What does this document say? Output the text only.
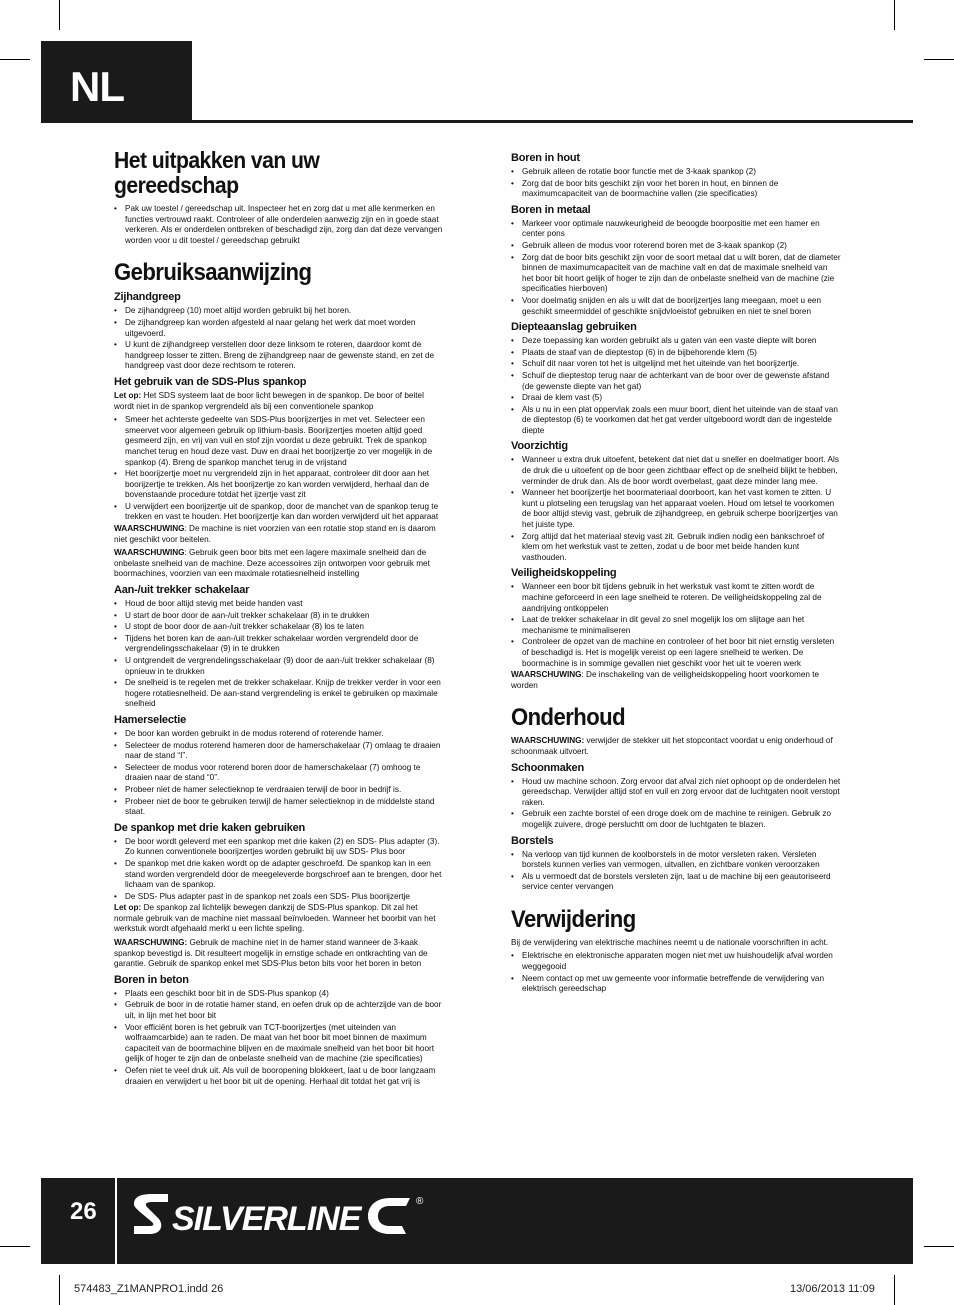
NL
Het uitpakken van uw gereedschap
• Pak uw toestel / gereedschap uit. Inspecteer het en zorg dat u met alle kenmerken en functies vertrouwd raakt. Controleer of alle onderdelen aanwezig zijn en in goede staat verkeren. Als er onderdelen ontbreken of beschadigd zijn, zorg dan dat deze vervangen worden voor u dit toestel / gereedschap gebruikt
Gebruiksaanwijzing
Zijhandgreep
• De zijhandgreep (10) moet altijd worden gebruikt bij het boren.
• De zijhandgreep kan worden afgesteld al naar gelang het werk dat moet worden uitgevoerd.
• U kunt de zijhandgreep verstellen door deze linksom te roteren, daardoor komt de handgreep losser te zitten. Breng de zijhandgreep naar de gewenste stand, en zet de handgreep vast door deze rechtsom te roteren.
Het gebruik van de SDS-Plus spankop

Let op: Het SDS systeem laat de boor licht bewegen in de spankop. De boor of beitel wordt niet in de spankop vergrendeld als bij een conventionele spankop

• Smeer het achterste gedeelte van SDS-Plus boorijzertjes in met vet. Selecteer een smeervet voor algemeen gebruik op lithium-basis. Boorijzertjes moeten altijd goed gesmeerd zijn, en vrij van vuil en stof zijn voordat u deze gebruikt. Trek de spankop manchet terug en houd deze vast. Duw en draai het boorijzertje zo ver mogelijk in de spankop (4). Breng de spankop manchet terug in de vrijstand
• Het boorijzertje moet nu vergrendeld zijn in het apparaat, controleer dit door aan het boorijzertje te trekken. Als het boorijzertje zo kan worden verwijderd, herhaal dan de bovenstaande procedure totdat het ijzertje vast zit
• U verwijdert een boorijzertje uit de spankop, door de manchet van de spankop terug te trekken en vast te houden. Het boorijzertje kan dan worden verwijderd uit het apparaat

WAARSCHUWING: De machine is niet voorzien van een rotatie stop stand en is daarom niet geschikt voor beitelen.

WAARSCHUWING: Gebruik geen boor bits met een lagere maximale snelheid dan de onbelaste snelheid van de machine. Deze accessoires zijn ontworpen voor gebruik met boormachines, voorzien van een maximale rotatiesnelheid instelling

Aan-/uit trekker schakelaar
• Houd de boor altijd stevig met beide handen vast
• U start de boor door de aan-/uit trekker schakelaar (8) in te drukken
• U stopt de boor door de aan-/uit trekker schakelaar (8) los te laten
• Tijdens het boren kan de aan-/uit trekker schakelaar worden vergrendeld door de vergrendelingsschakelaar (9) in te drukken
• U ontgrendelt de vergrendelingsschakelaar (9) door de aan-/uit trekker schakelaar (8) opnieuw in te drukken
• De snelheid is te regelen met de trekker schakelaar. Knijp de trekker verder in voor een hogere rotatiesnelheid. De aan-stand vergrendeling is enkel te gebruiken op maximale snelheid
Hamerselectie
• De boor kan worden gebruikt in de modus roterend of roterende hamer.
• Selecteer de modus roterend hameren door de hamerschakelaar (7) omlaag te draaien naar de stand “I”.
• Selecteer de modus voor roterend boren door de hamerschakelaar (7) omhoog te draaien naar de stand “0”.
• Probeer niet de hamer selectieknop te verdraaien terwijl de boor in bedrijf is.
• Probeer niet de boor te gebruiken terwijl de hamer selectieknop in de middelste stand staat.
De spankop met drie kaken gebruiken
• De boor wordt geleverd met een spankop met drie kaken (2) en SDS- Plus adapter (3). Zo kunnen conventionele boorijzertjes worden gebruikt bij uw SDS- Plus boor
• De spankop met drie kaken wordt op de adapter geschroefd. De spankop kan in een stand worden vergrendeld door de meegeleverde borgschroef aan te brengen, door het lichaam van de spankop.
• De SDS- Plus adapter past in de spankop net zoals een SDS- Plus boorijzertje

Let op: De spankop zal lichtelijk bewegen dankzij de SDS-Plus spankop. Dit zal het normale gebruik van de machine niet massaal beïnvloeden. Wanneer het boorbit van het werkstuk wordt afgehaald merkt u een lichte speling.

WAARSCHUWING: Gebruik de machine niet in de hamer stand wanneer de 3-kaak spankop bevestigd is. Dit resulteert mogelijk in ernstige schade en ontkrachting van de garantie. Gebruik de spankop enkel met SDS-Plus beton bits voor het boren in beton

Boren in beton
• Plaats een geschikt boor bit in de SDS-Plus spankop (4)
• Gebruik de boor in de rotatie hamer stand, en oefen druk op de achterzijde van de boor uit, in lijn met het boor bit
• Voor efficiënt boren is het gebruik van TCT-boorijzertjes (met uiteinden van wolfraamcarbide) aan te raden. De maat van het boor bit moet binnen de maximum capaciteit van de boormachine blijven en de maximale snelheid van het boor bit hoort gelijk of hoger te zijn dan de onbelaste snelheid van de machine (zie specificaties)
• Oefen niet te veel druk uit. Als vuil de booropening blokkeert, laat u de boor langzaam draaien en verwijdert u het boor bit uit de opening. Herhaal dit totdat het gat vrij is
Boren in hout
• Gebruik alleen de rotatie boor functie met de 3-kaak spankop (2)
• Zorg dat de boor bits geschikt zijn voor het boren in hout, en binnen de maximumcapaciteit van de boormachine vallen (zie specificaties)
Boren in metaal
• Markeer voor optimale nauwkeurigheid de beoogde boorpositie met een hamer en center pons
• Gebruik alleen de modus voor roterend boren met de 3-kaak spankop (2)
• Zorg dat de boor bits geschikt zijn voor de soort metaal dat u wilt boren, dat de diameter binnen de maximumcapaciteit van de machine valt en dat de maximale snelheid van het boor bit hoort gelijk of hoger te zijn dan de onbelaste snelheid van de machine (zie specificaties hierboven)
• Voor doelmatig snijden en als u wilt dat de boorijzertjes lang meegaan, moet u een geschikt smeermiddel of geschikte snijdvloeistof gebruiken en niet te snel boren
Diepteaanslag gebruiken
• Deze toepassing kan worden gebruikt als u gaten van een vaste diepte wilt boren
• Plaats de staaf van de dieptestop (6) in de bijbehorende klem (5)
• Schuif dit naar voren tot het is uitgelijnd met het uiteinde van het boorijzertje.
• Schuif de dieptestop terug naar de achterkant van de boor over de gewenste afstand (de gewenste diepte van het gat)
• Draai de klem vast (5)
• Als u nu in een plat oppervlak zoals een muur boort, dient het uiteinde van de staaf van de dieptestop (6) te voorkomen dat het gat verder uitgeboord wordt dan de ingestelde diepte
Voorzichtig
• Wanneer u extra druk uitoefent, betekent dat niet dat u sneller en doelmatiger boort. Als de druk die u uitoefent op de boor geen zichtbaar effect op de snelheid blijkt te hebben, verminder de druk dan. Als de boor wordt overbelast, gaat deze minder lang mee.
• Wanneer het boorijzertje het boormateriaal doorboort, kan het vast komen te zitten. U kunt u plotseling een terugslag van het apparaat voelen. Houd om letsel te voorkomen de boor altijd stevig vast, gebruik de zijhandgreep, en gebruik scherpe boorijzertjes van het juiste type.
• Zorg altijd dat het materiaal stevig vast zit. Gebruik indien nodig een bankschroef of klem om het werkstuk vast te zetten, zodat u de boor met beide handen kunt vasthouden.
Veiligheidskoppeling
• Wanneer een boor bit tijdens gebruik in het werkstuk vast komt te zitten wordt de machine geforceerd in een lage snelheid te roteren. De veiligheidskoppeling zal de aandrijving ontkoppelen
• Laat de trekker schakelaar in dit geval zo snel mogelijk los om slijtage aan het mechanisme te minimaliseren
• Controleer de opzet van de machine en controleer of het boor bit niet ernstig versleten of beschadigd is. Het is mogelijk vereist op een lagere snelheid te werken. De boormachine is in sommige gevallen niet geschikt voor het uit te voeren werk

WAARSCHUWING: De inschakeling van de veiligheidskoppeling hoort voorkomen te worden

Onderhoud

WAARSCHUWING: verwijder de stekker uit het stopcontact voordat u enig onderhoud of schoonmaak uitvoert.

Schoonmaken
• Houd uw machine schoon. Zorg ervoor dat afval zich niet ophoopt op de onderdelen het gereedschap. Verwijder altijd stof en vuil en zorg ervoor dat de luchtgaten nooit verstopt raken.
• Gebruik een zachte borstel of een droge doek om de machine te reinigen. Gebruik zo mogelijk zuivere, droge persluchtt om door de luchtgaten te blazen.
Borstels
• Na verloop van tijd kunnen de koolborstels in de motor versleten raken. Versleten borstels kunnen verlies van vermogen, uitvallen, en zichtbare vonken veroorzaken
• Als u vermoedt dat de borstels versleten zijn, laat u de machine bij een geautoriseerd service center vervangen
Verwijdering

Bij de verwijdering van elektrische machines neemt u de nationale voorschriften in acht.

• Elektrische en elektronische apparaten mogen niet met uw huishoudelijk afval worden weggegooid
• Neem contact op met uw gemeente voor informatie betreffende de verwijdering van elektrisch gereedschap
26 SILVERLINE	®
574483_Z1MANPRO1.indd 26	13/06/2013 11:09
